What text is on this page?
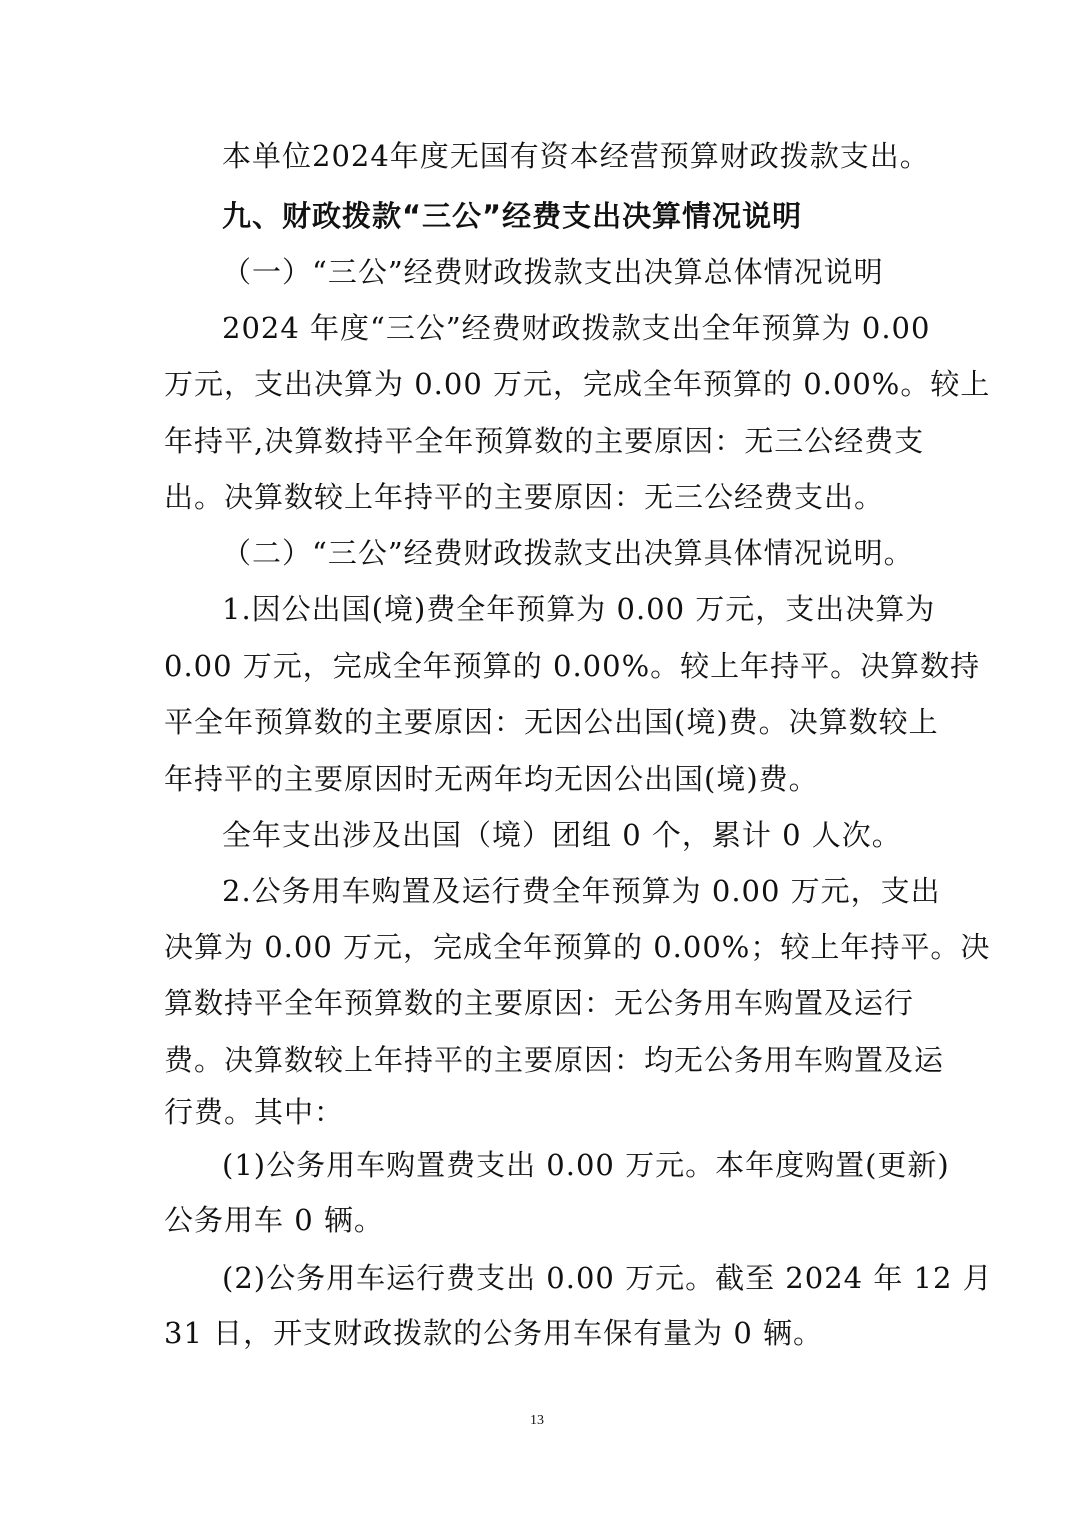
本单位2024年度无国有资本经营预算财政拨款支出。
九、财政拨款“三公”经费支出决算情况说明
（一）“三公”经费财政拨款支出决算总体情况说明
2024 年度“三公”经费财政拨款支出全年预算为 0.00
万元，支出决算为 0.00 万元，完成全年预算的 0.00%。较上
年持平,决算数持平全年预算数的主要原因：无三公经费支
出。决算数较上年持平的主要原因：无三公经费支出。
（二）“三公”经费财政拨款支出决算具体情况说明。
1.因公出国(境)费全年预算为 0.00 万元，支出决算为
0.00 万元，完成全年预算的 0.00%。较上年持平。决算数持
平全年预算数的主要原因：无因公出国(境)费。决算数较上
年持平的主要原因时无两年均无因公出国(境)费。
全年支出涉及出国（境）团组 0 个，累计 0 人次。
2.公务用车购置及运行费全年预算为 0.00 万元，支出
决算为 0.00 万元，完成全年预算的 0.00%；较上年持平。决
算数持平全年预算数的主要原因：无公务用车购置及运行
费。决算数较上年持平的主要原因：均无公务用车购置及运
行费。其中：
(1)公务用车购置费支出 0.00 万元。本年度购置(更新)
公务用车 0 辆。
(2)公务用车运行费支出 0.00 万元。截至 2024 年 12 月
31 日，开支财政拨款的公务用车保有量为 0 辆。
13
